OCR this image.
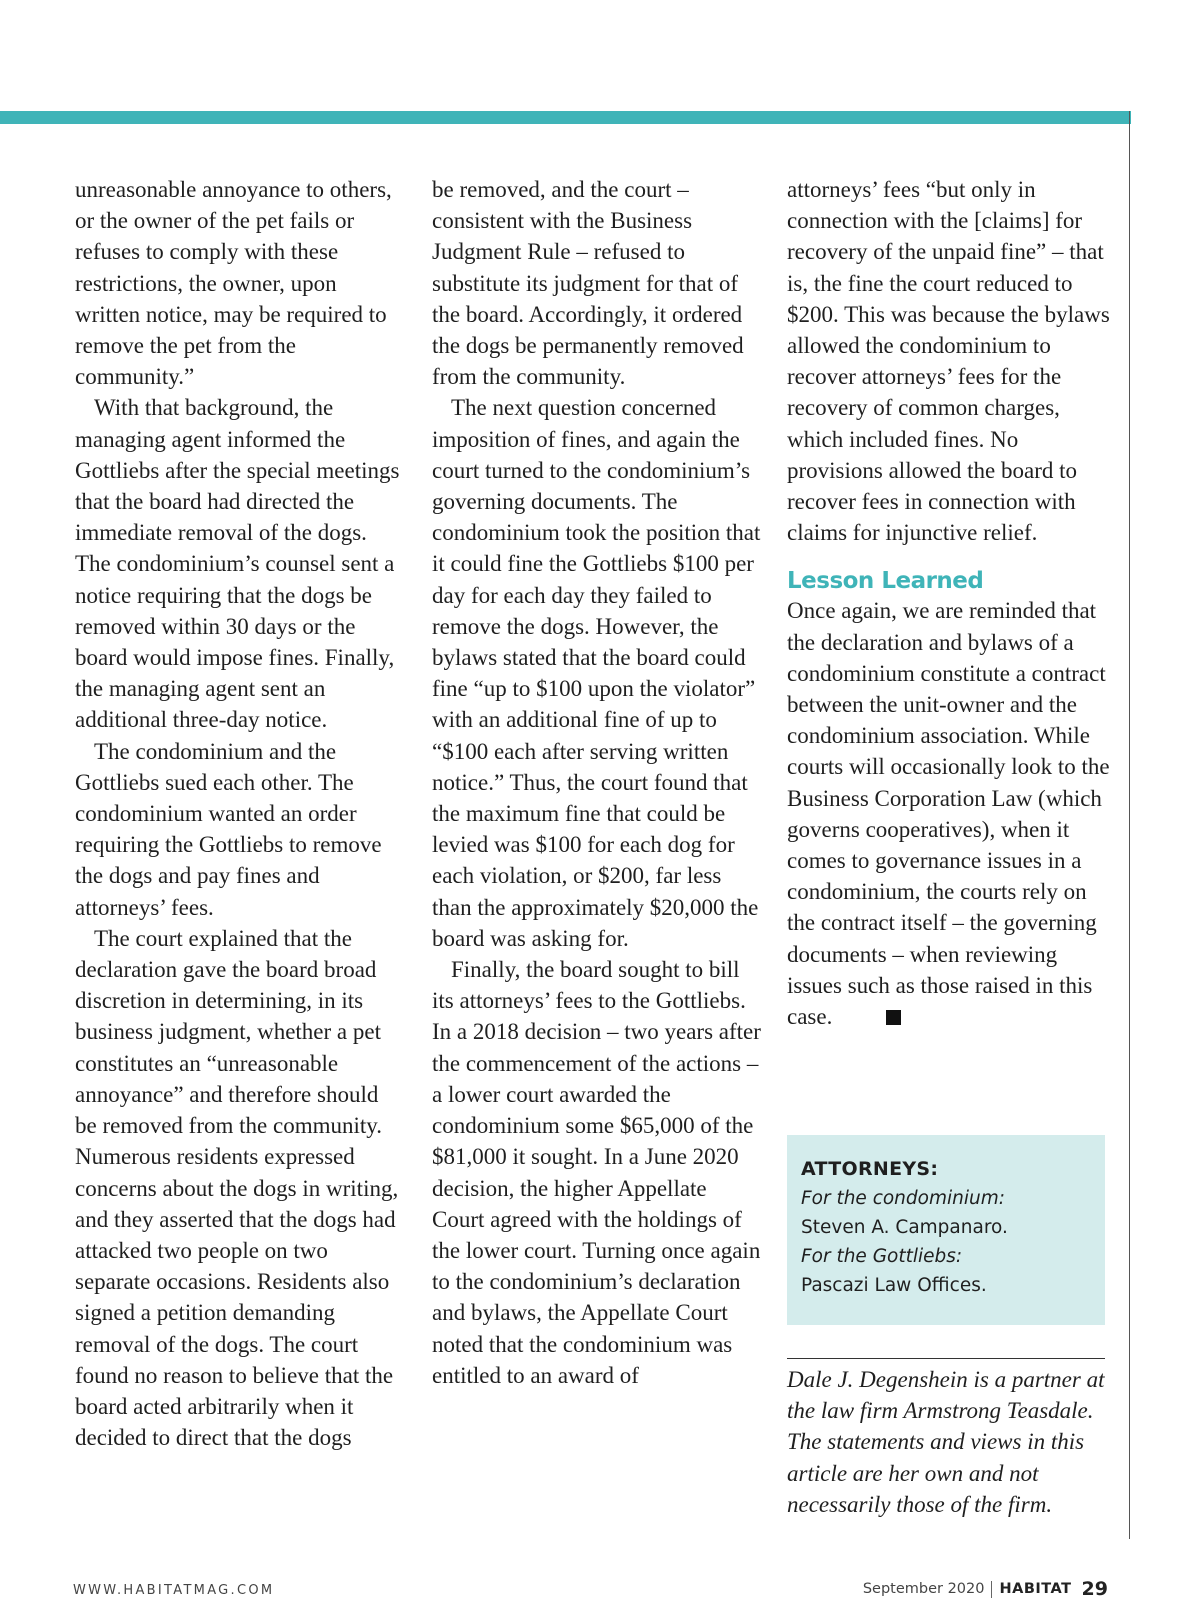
unreasonable annoyance to others, or the owner of the pet fails or refuses to comply with these restrictions, the owner, upon written notice, may be required to remove the pet from the community.”

With that background, the managing agent informed the Gottliebs after the special meetings that the board had directed the immediate removal of the dogs. The condominium’s counsel sent a notice requiring that the dogs be removed within 30 days or the board would impose fines. Finally, the managing agent sent an additional three-day notice.

The condominium and the Gottliebs sued each other. The condominium wanted an order requiring the Gottliebs to remove the dogs and pay fines and attorneys’ fees.

The court explained that the declaration gave the board broad discretion in determining, in its business judgment, whether a pet constitutes an “unreasonable annoyance” and therefore should be removed from the community. Numerous residents expressed concerns about the dogs in writing, and they asserted that the dogs had attacked two people on two separate occasions. Residents also signed a petition demanding removal of the dogs. The court found no reason to believe that the board acted arbitrarily when it decided to direct that the dogs

be removed, and the court – consistent with the Business Judgment Rule – refused to substitute its judgment for that of the board. Accordingly, it ordered the dogs be permanently removed from the community.

The next question concerned imposition of fines, and again the court turned to the condominium’s governing documents. The condominium took the position that it could fine the Gottliebs $100 per day for each day they failed to remove the dogs. However, the bylaws stated that the board could fine “up to $100 upon the violator” with an additional fine of up to “$100 each after serving written notice.” Thus, the court found that the maximum fine that could be levied was $100 for each dog for each violation, or $200, far less than the approximately $20,000 the board was asking for.

Finally, the board sought to bill its attorneys’ fees to the Gottliebs. In a 2018 decision – two years after the commencement of the actions – a lower court awarded the condominium some $65,000 of the $81,000 it sought. In a June 2020 decision, the higher Appellate Court agreed with the holdings of the lower court. Turning once again to the condominium’s declaration and bylaws, the Appellate Court noted that the condominium was entitled to an award of

attorneys’ fees “but only in connection with the [claims] for recovery of the unpaid fine” – that is, the fine the court reduced to $200. This was because the bylaws allowed the condominium to recover attorneys’ fees for the recovery of common charges, which included fines. No provisions allowed the board to recover fees in connection with claims for injunctive relief.

Lesson Learned

Once again, we are reminded that the declaration and bylaws of a condominium constitute a contract between the unit-owner and the condominium association. While courts will occasionally look to the Business Corporation Law (which governs cooperatives), when it comes to governance issues in a condominium, the courts rely on the contract itself – the governing documents – when reviewing issues such as those raised in this case.

ATTORNEYS:
For the condominium:
Steven A. Campanaro.
For the Gottliebs:
Pascazi Law Offices.
Dale J. Degenshein is a partner at the law firm Armstrong Teasdale. The statements and views in this article are her own and not necessarily those of the firm.
WWW.HABITATMAG.COM	September 2020 HABITAT 29
